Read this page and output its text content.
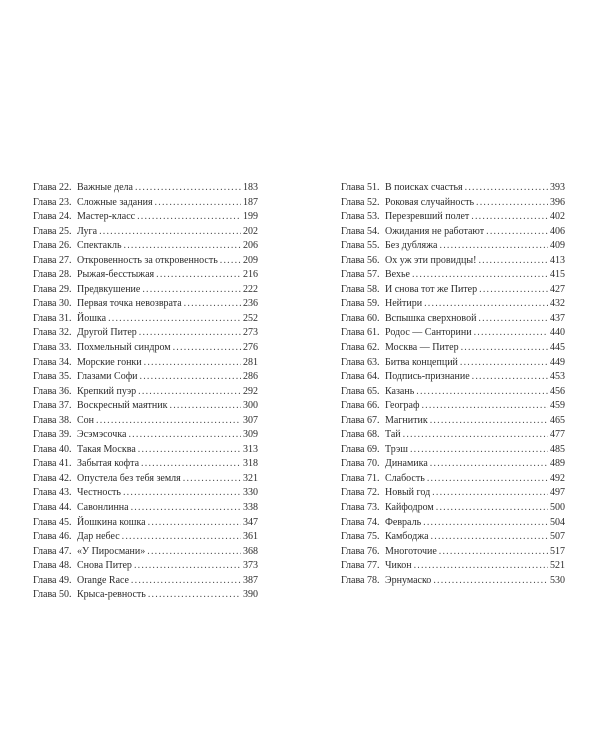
Глава 22. Важные дела .....	183
Глава 23. Сложные задания .....	187
Глава 24. Мастер-класс .....	199
Глава 25. Луга .....	202
Глава 26. Спектакль .....	206
Глава 27. Откровенность за откровенность .....	209
Глава 28. Рыжая-бесстыжая .....	216
Глава 29. Предвкушение .....	222
Глава 30. Первая точка невозврата .....	236
Глава 31. Йошка .....	252
Глава 32. Другой Питер .....	273
Глава 33. Похмельный синдром .....	276
Глава 34. Морские гонки .....	281
Глава 35. Глазами Софи .....	286
Глава 36. Крепкий пуэр .....	292
Глава 37. Воскресный маятник .....	300
Глава 38. Сон .....	307
Глава 39. Эсэмэсочка .....	309
Глава 40. Такая Москва .....	313
Глава 41. Забытая кофта .....	318
Глава 42. Опустела без тебя земля .....	321
Глава 43. Честность .....	330
Глава 44. Савонлинна .....	338
Глава 45. Йошкина кошка .....	347
Глава 46. Дар небес .....	361
Глава 47. «У Пиросмани» .....	368
Глава 48. Снова Питер .....	373
Глава 49. Orange Race .....	387
Глава 50. Крыса-ревность .....	390
Глава 51. В поисках счастья .....	393
Глава 52. Роковая случайность .....	396
Глава 53. Перезревший полет .....	402
Глава 54. Ожидания не работают .....	406
Глава 55. Без дубляжа .....	409
Глава 56. Ох уж эти провидцы! .....	413
Глава 57. Вехье .....	415
Глава 58. И снова тот же Питер .....	427
Глава 59. Нейтири .....	432
Глава 60. Вспышка сверхновой .....	437
Глава 61. Родос — Санторини .....	440
Глава 62. Москва — Питер .....	445
Глава 63. Битва концепций .....	449
Глава 64. Подпись-признание .....	453
Глава 65. Казань .....	456
Глава 66. Географ .....	459
Глава 67. Магнитик .....	465
Глава 68. Тай .....	477
Глава 69. Трэш .....	485
Глава 70. Динамика .....	489
Глава 71. Слабость .....	492
Глава 72. Новый год .....	497
Глава 73. Кайфодром .....	500
Глава 74. Февраль .....	504
Глава 75. Камбоджа .....	507
Глава 76. Многоточие .....	517
Глава 77. Чикон .....	521
Глава 78. Эрнумаско .....	530
